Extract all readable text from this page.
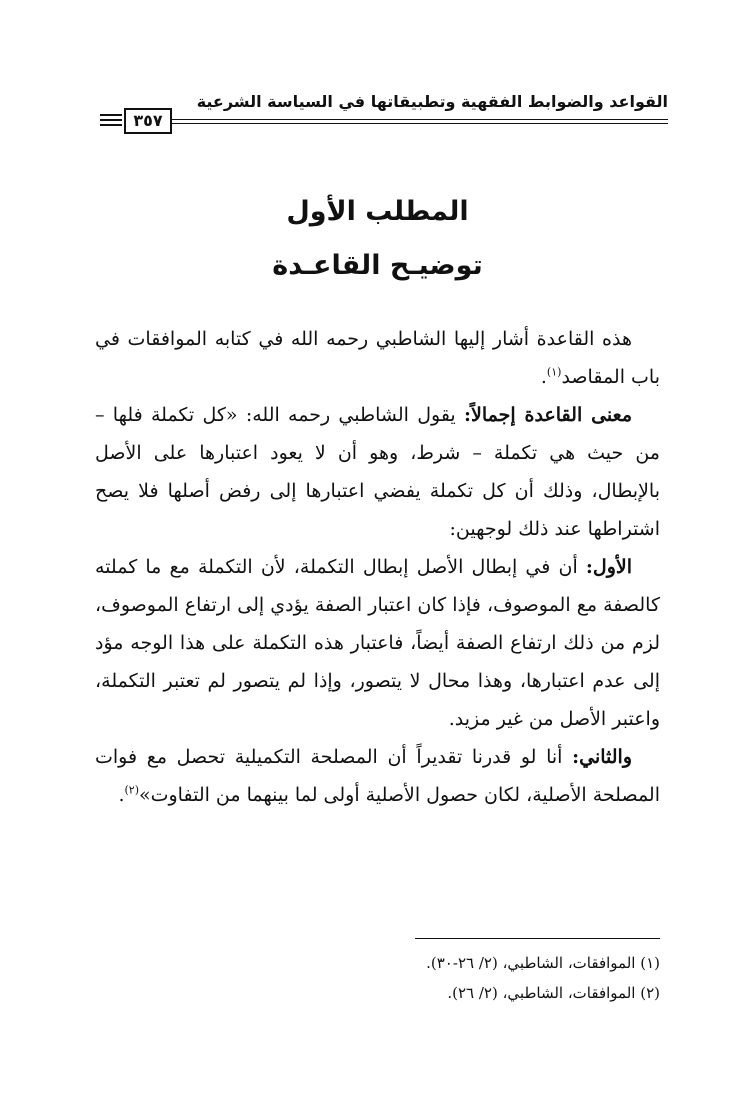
القواعد والضوابط الفقهية وتطبيقاتها في السياسة الشرعية
٣٥٧
المطلب الأول
توضيـح القاعـدة

هذه القاعدة أشار إليها الشاطبي رحمه الله في كتابه الموافقات في باب المقاصد$^{(١)}$.

معنى القاعدة إجمالاً: يقول الشاطبي رحمه الله: «كل تكملة فلها – من حيث هي تكملة – شرط، وهو أن لا يعود اعتبارها على الأصل بالإبطال، وذلك أن كل تكملة يفضي اعتبارها إلى رفض أصلها فلا يصح اشتراطها عند ذلك لوجهين:

الأول: أن في إبطال الأصل إبطال التكملة، لأن التكملة مع ما كملته كالصفة مع الموصوف، فإذا كان اعتبار الصفة يؤدي إلى ارتفاع الموصوف، لزم من ذلك ارتفاع الصفة أيضاً، فاعتبار هذه التكملة على هذا الوجه مؤد إلى عدم اعتبارها، وهذا محال لا يتصور، وإذا لم يتصور لم تعتبر التكملة، واعتبر الأصل من غير مزيد.

والثاني: أنا لو قدرنا تقديراً أن المصلحة التكميلية تحصل مع فوات المصلحة الأصلية، لكان حصول الأصلية أولى لما بينهما من التفاوت»$^{(٢)}$.

(١) الموافقات، الشاطبي، (٢/ ٢٦-٣٠).
(٢) الموافقات، الشاطبي، (٢/ ٢٦).
